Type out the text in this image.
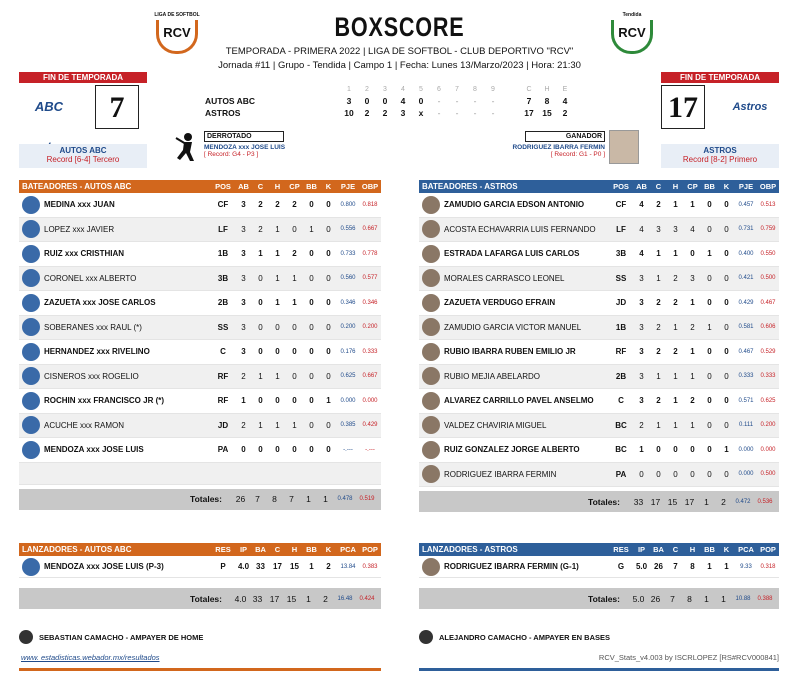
BOXSCORE
TEMPORADA - PRIMERA 2022 | LIGA DE SOFTBOL - CLUB DEPORTIVO "RCV"
Jornada #11 | Grupo - Tendida | Campo 1 | Fecha: Lunes 13/Marzo/2023 | Hora: 21:30
LIGA DE SOFTBOL
RCV
Tendida
RCV
FIN DE TEMPORADA
ABC	7
AUTOS ABC
Record [6-4] Tercero
FIN DE TEMPORADA
17	Astros
ASTROS
Record [8-2] Primero
1	2	3	4	5	6	7	8	9	C	H	E
AUTOS ABC	3	0	0	4	0	-	-	-	-	7	8	4
ASTROS	10	2	2	3	x	-	-	-	-	17	15	2
DERROTADO
MENDOZA xxx JOSE LUIS
[ Record: G4 - P3 ]
GANADOR
RODRIGUEZ IBARRA FERMIN
[ Record: G1 - P0 ]
BATEADORES - AUTOS ABC	POS AB	C	H	CP BB	K	PJE OBP
MEDINA xxx JUAN	CF	3	2	2	2	0	0	0.800	0.818
LOPEZ xxx JAVIER	LF	3	2	1	0	1	0	0.556	0.667
RUIZ xxx CRISTHIAN	1B	3	1	1	2	0	0	0.733	0.778
CORONEL xxx ALBERTO	3B	3	0	1	1	0	0	0.560	0.577
ZAZUETA xxx JOSE CARLOS	2B	3	0	1	1	0	0	0.346	0.346
SOBERANES xxx RAUL (*)	SS	3	0	0	0	0	0	0.200	0.200
HERNANDEZ xxx RIVELINO	C	3	0	0	0	0	0	0.176	0.333
CISNEROS xxx ROGELIO	RF	2	1	1	0	0	0	0.625	0.667
ROCHIN xxx FRANCISCO JR (*)	RF	1	0	0	0	0	1	0.000	0.000
ACUCHE xxx RAMON	JD	2	1	1	1	0	0	0.385	0.429
MENDOZA xxx JOSE LUIS	PA	0	0	0	0	0	0	-.---	-.---
Totales:	26	7	8	7	1	1	0.478	0.519
BATEADORES - ASTROS	POS AB	C	H	CP BB	K	PJE OBP
ZAMUDIO GARCIA EDSON ANTONIO	CF	4	2	1	1	0	0	0.457	0.513
ACOSTA ECHAVARRIA LUIS FERNANDO	LF	4	3	3	4	0	0	0.731	0.759
ESTRADA LAFARGA LUIS CARLOS	3B	4	1	1	0	1	0	0.400	0.550
MORALES CARRASCO LEONEL	SS	3	1	2	3	0	0	0.421	0.500
ZAZUETA VERDUGO EFRAIN	JD	3	2	2	1	0	0	0.429	0.467
ZAMUDIO GARCIA VICTOR MANUEL	1B	3	2	1	2	1	0	0.581	0.606
RUBIO IBARRA RUBEN EMILIO JR	RF	3	2	2	1	0	0	0.467	0.529
RUBIO MEJIA ABELARDO	2B	3	1	1	1	0	0	0.333	0.333
ALVAREZ CARRILLO PAVEL ANSELMO	C	3	2	1	2	0	0	0.571	0.625
VALDEZ CHAVIRIA MIGUEL	BC	2	1	1	1	0	0	0.111	0.200
RUIZ GONZALEZ JORGE ALBERTO	BC	1	0	0	0	0	1	0.000	0.000
RODRIGUEZ IBARRA FERMIN	PA	0	0	0	0	0	0	0.000	0.500
Totales:	33 17 15 17	1	2	0.472	0.536
LANZADORES - AUTOS ABC	RES	IP	BA	C	H	BB	K	PCA POP
MENDOZA xxx JOSE LUIS (P-3)	P	4.0 33	17	15	1	2	13.84	0.383
Totales:	4.0 33 17 15	1	2	16.48	0.424
LANZADORES - ASTROS	RES	IP	BA	C	H	BB	K	PCA POP
RODRIGUEZ IBARRA FERMIN (G-1)	G	5.0 26	7	8	1	1	9.33	0.318
Totales:	5.0 26	7	8	1	1	10.88	0.388
SEBASTIAN CAMACHO - AMPAYER DE HOME	ALEJANDRO CAMACHO - AMPAYER EN BASES
www. estadisticas.webador.mx/resultados	RCV_Stats_v4.003 by ISCRLOPEZ [RS#RCV000841]
